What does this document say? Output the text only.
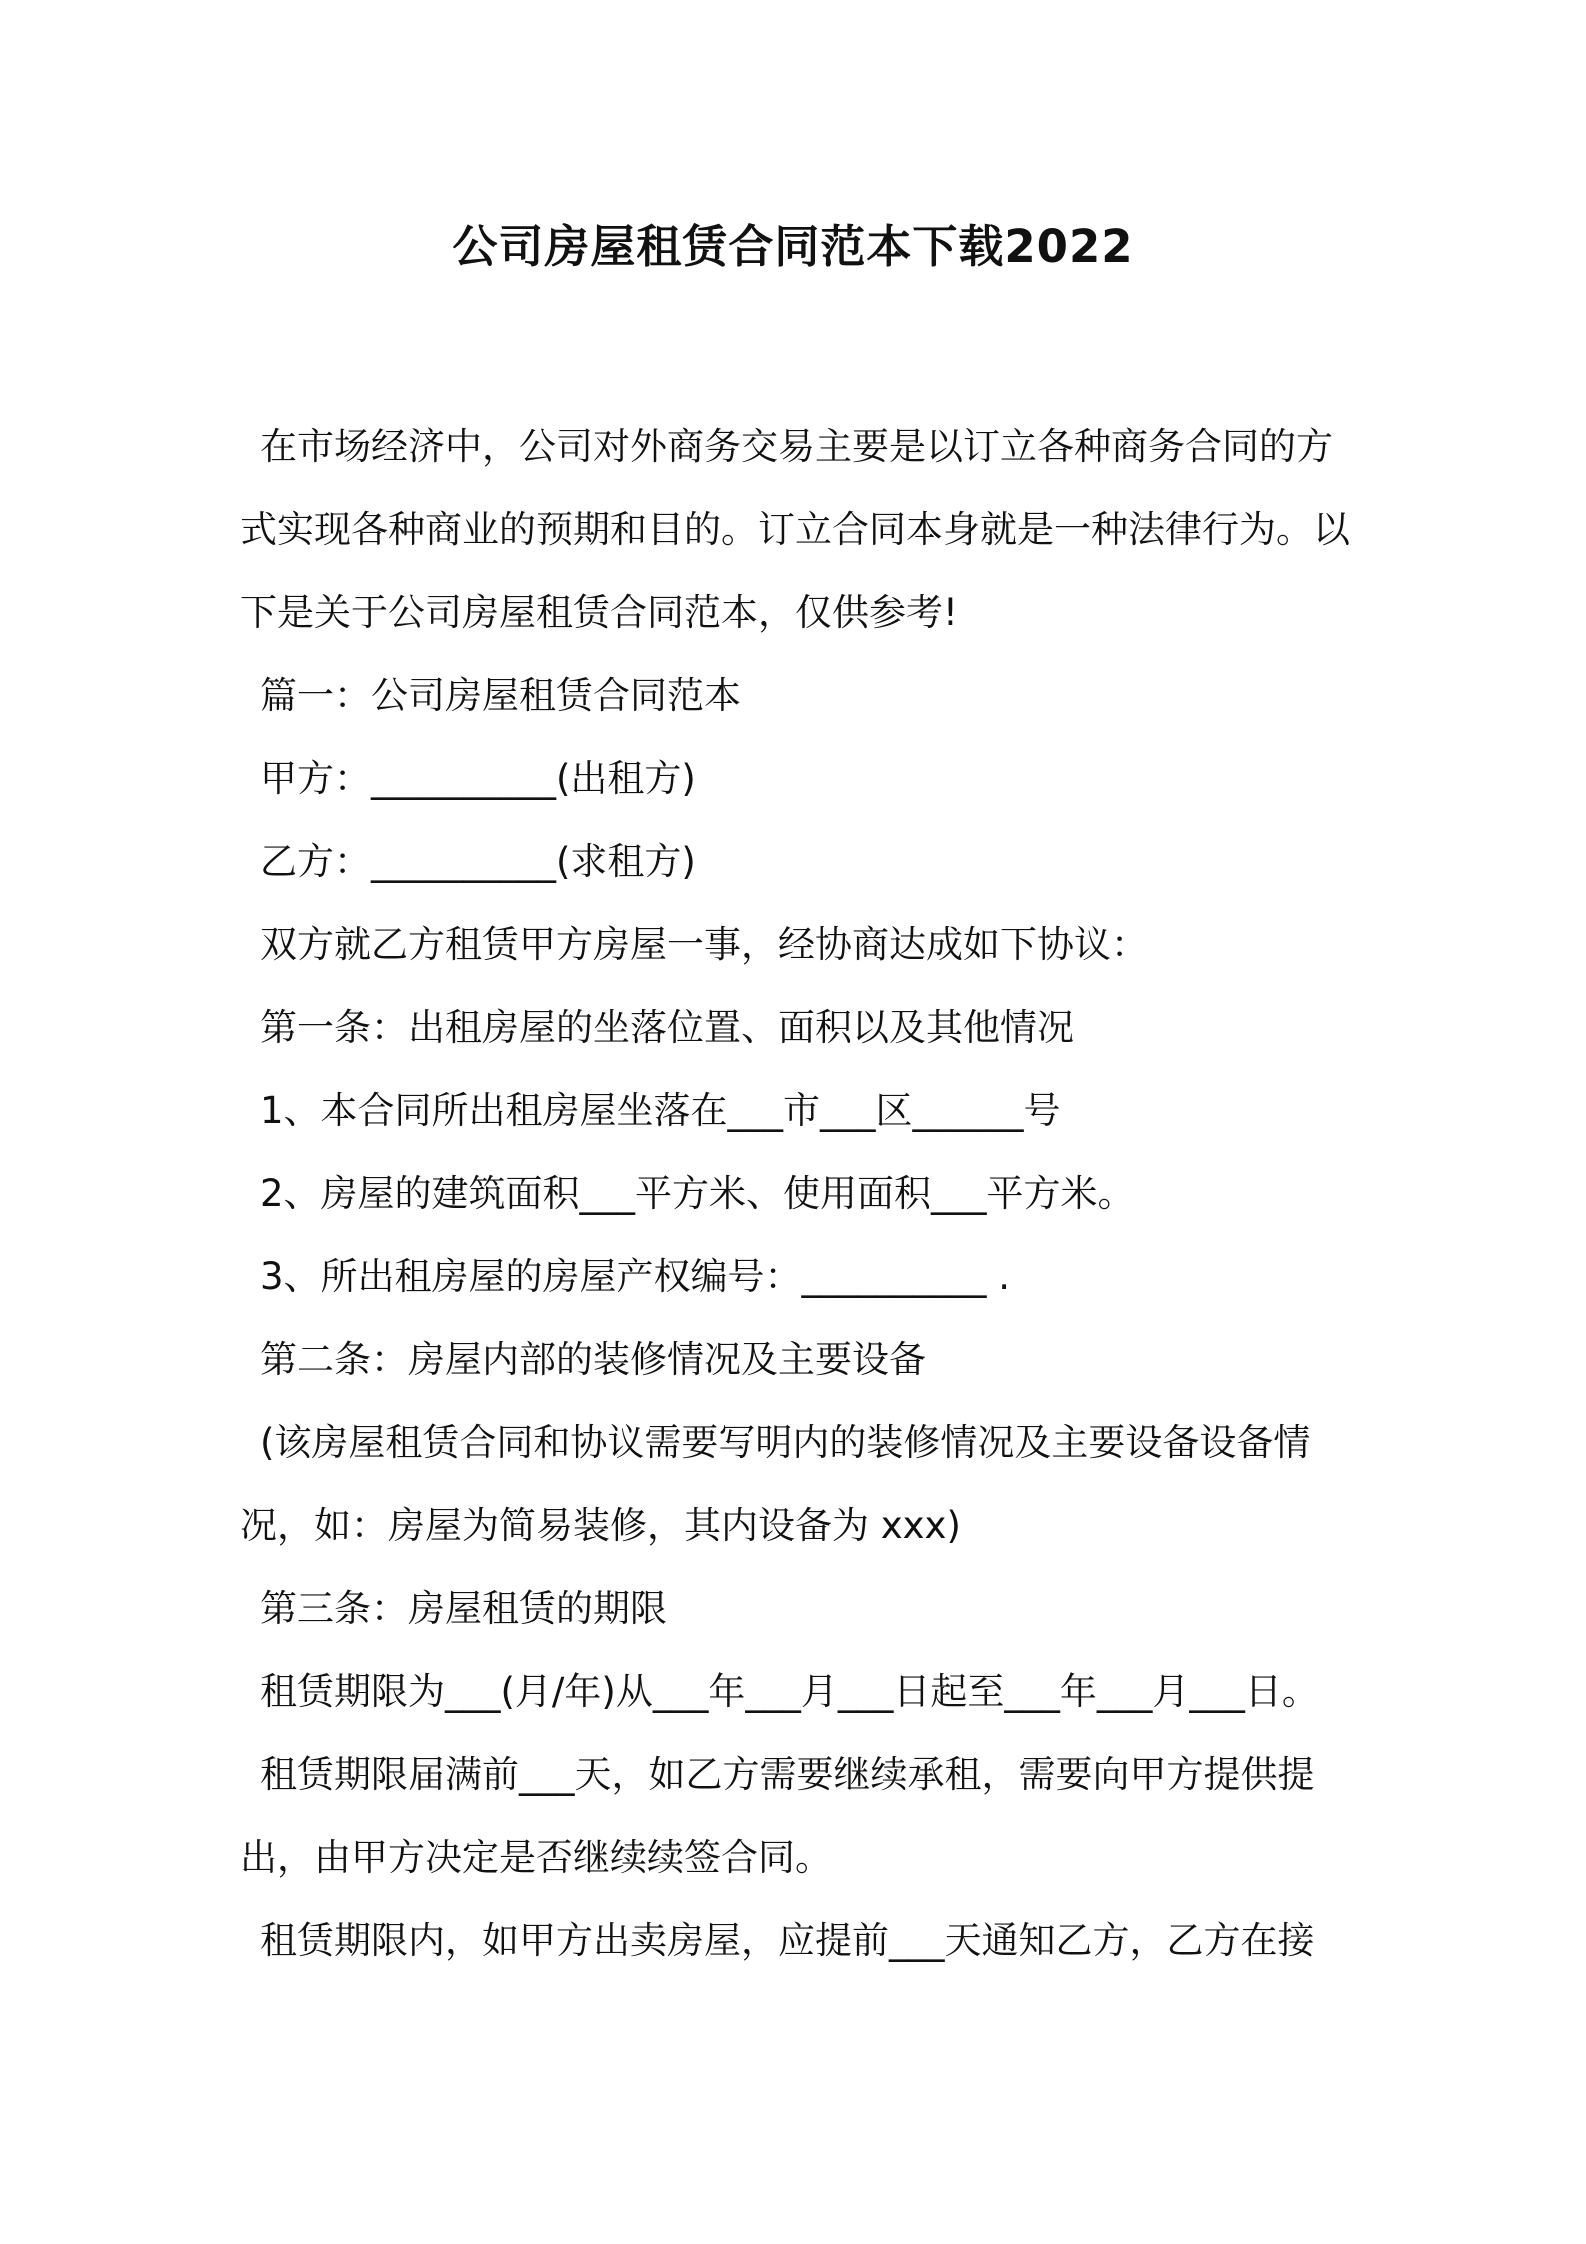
公司房屋租赁合同范本下载2022

在市场经济中，公司对外商务交易主要是以订立各种商务合同的方式实现各种商业的预期和目的。订立合同本身就是一种法律行为。以下是关于公司房屋租赁合同范本，仅供参考!

篇一：公司房屋租赁合同范本

甲方：__________(出租方)

乙方：__________(求租方)

双方就乙方租赁甲方房屋一事，经协商达成如下协议：

第一条：出租房屋的坐落位置、面积以及其他情况

1、本合同所出租房屋坐落在___市___区______号

2、房屋的建筑面积___平方米、使用面积___平方米。

3、所出租房屋的房屋产权编号：__________ .

第二条：房屋内部的装修情况及主要设备

(该房屋租赁合同和协议需要写明内的装修情况及主要设备设备情况，如：房屋为简易装修，其内设备为 xxx)

第三条：房屋租赁的期限

租赁期限为___(月/年)从___年___月___日起至___年___月___日。

租赁期限届满前___天，如乙方需要继续承租，需要向甲方提供提出，由甲方决定是否继续续签合同。

租赁期限内，如甲方出卖房屋，应提前___天通知乙方，乙方在接
